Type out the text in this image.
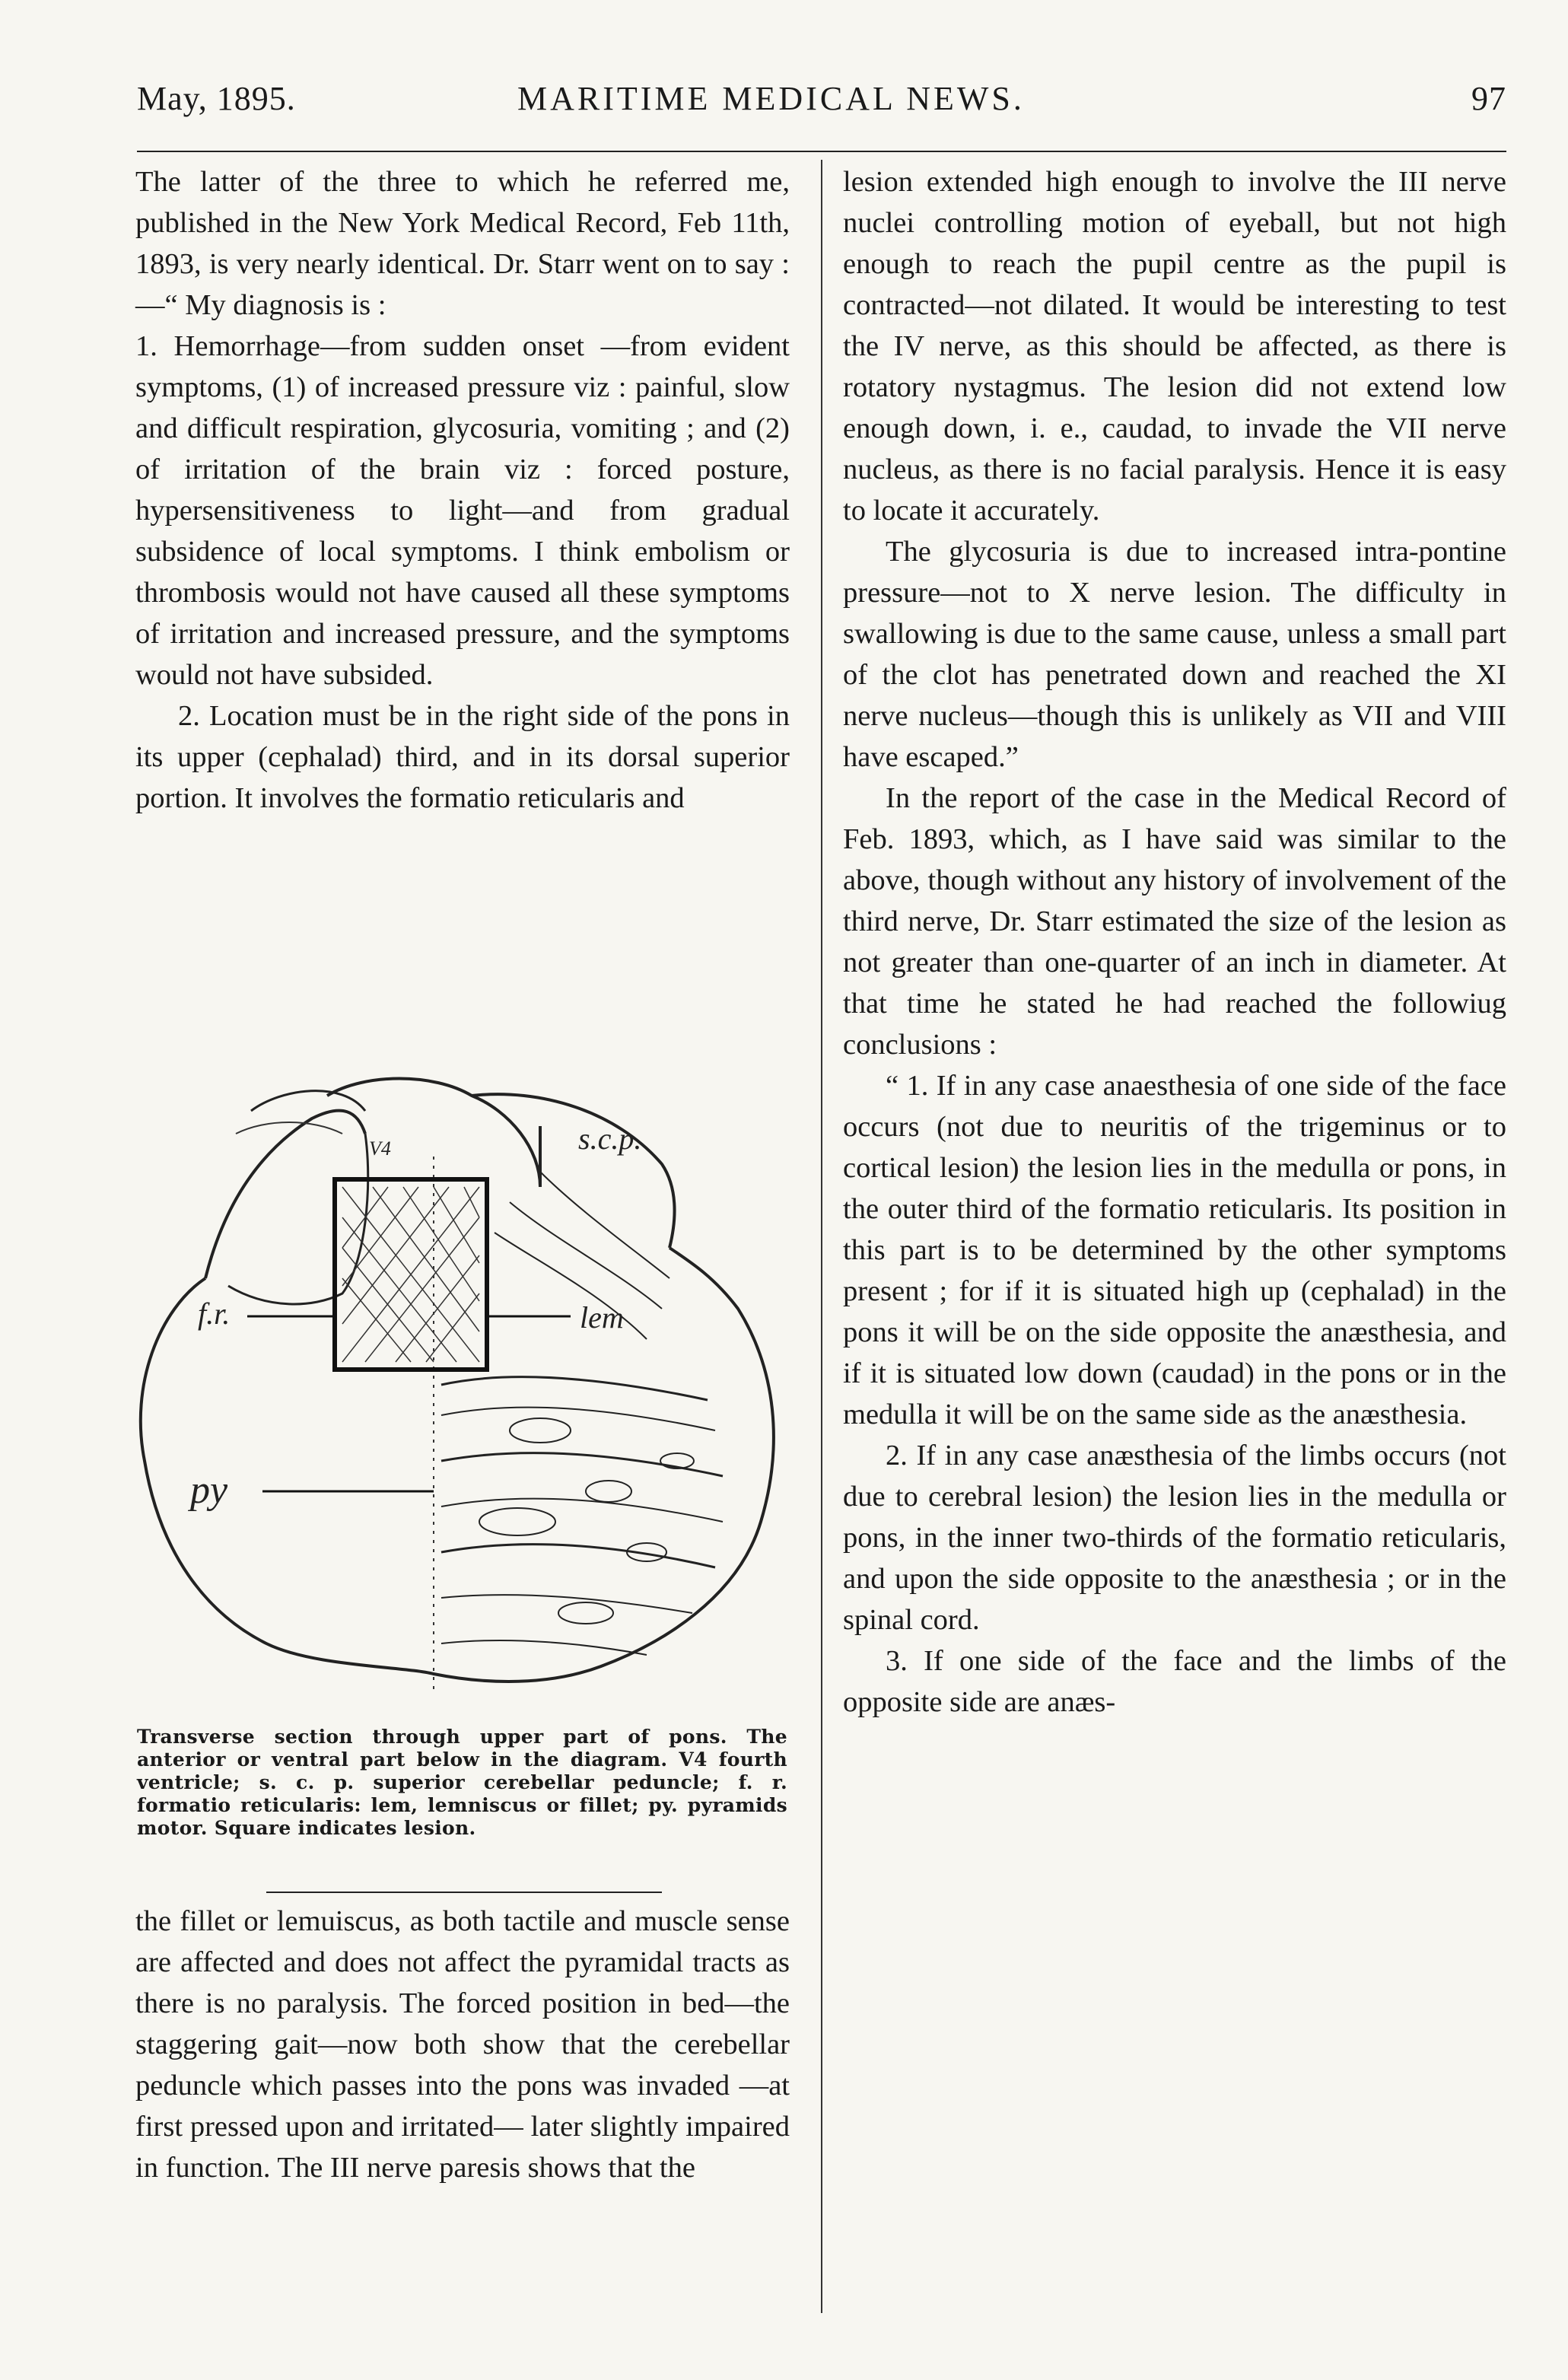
May, 1895.	MARITIME MEDICAL NEWS.	97

The latter of the three to which he referred me, published in the New York Medical Record, Feb 11th, 1893, is very nearly identical. Dr. Starr went on to say :—“ My diagnosis is :

1. Hemorrhage—from sudden onset —from evident symptoms, (1) of increased pressure viz : painful, slow and difficult respiration, glycosuria, vomiting ; and (2) of irritation of the brain viz : forced posture, hypersensitiveness to light—and from gradual subsidence of local symptoms. I think embolism or thrombosis would not have caused all these symptoms of irritation and increased pressure, and the symptoms would not have subsided.

2. Location must be in the right side of the pons in its upper (cephalad) third, and in its dorsal superior portion. It involves the formatio reticularis and

V4	s.c.p.
f.r.	lem
py
Transverse section through upper part of pons. The anterior or ventral part below in the diagram. V4 fourth ventricle; s. c. p. superior cerebellar peduncle; f. r. formatio reticularis: lem, lemniscus or fillet; py. pyramids motor. Square indicates lesion.

the fillet or lemuiscus, as both tactile and muscle sense are affected and does not affect the pyramidal tracts as there is no paralysis. The forced position in bed—the staggering gait—now both show that the cerebellar peduncle which passes into the pons was invaded —at first pressed upon and irritated— later slightly impaired in function. The III nerve paresis shows that the

lesion extended high enough to involve the III nerve nuclei controlling motion of eyeball, but not high enough to reach the pupil centre as the pupil is contracted—not dilated. It would be interesting to test the IV nerve, as this should be affected, as there is rotatory nystagmus. The lesion did not extend low enough down, i. e., caudad, to invade the VII nerve nucleus, as there is no facial paralysis. Hence it is easy to locate it accurately.

The glycosuria is due to increased intra-pontine pressure—not to X nerve lesion. The difficulty in swallowing is due to the same cause, unless a small part of the clot has penetrated down and reached the XI nerve nucleus—though this is unlikely as VII and VIII have escaped.”

In the report of the case in the Medical Record of Feb. 1893, which, as I have said was similar to the above, though without any history of involvement of the third nerve, Dr. Starr estimated the size of the lesion as not greater than one-quarter of an inch in diameter. At that time he stated he had reached the followiug conclusions :

“ 1. If in any case anaesthesia of one side of the face occurs (not due to neuritis of the trigeminus or to cortical lesion) the lesion lies in the medulla or pons, in the outer third of the formatio reticularis. Its position in this part is to be determined by the other symptoms present ; for if it is situated high up (cephalad) in the pons it will be on the side opposite the anæsthesia, and if it is situated low down (caudad) in the pons or in the medulla it will be on the same side as the anæsthesia.

2. If in any case anæsthesia of the limbs occurs (not due to cerebral lesion) the lesion lies in the medulla or pons, in the inner two-thirds of the formatio reticularis, and upon the side opposite to the anæsthesia ; or in the spinal cord.

3. If one side of the face and the limbs of the opposite side are anæs-
